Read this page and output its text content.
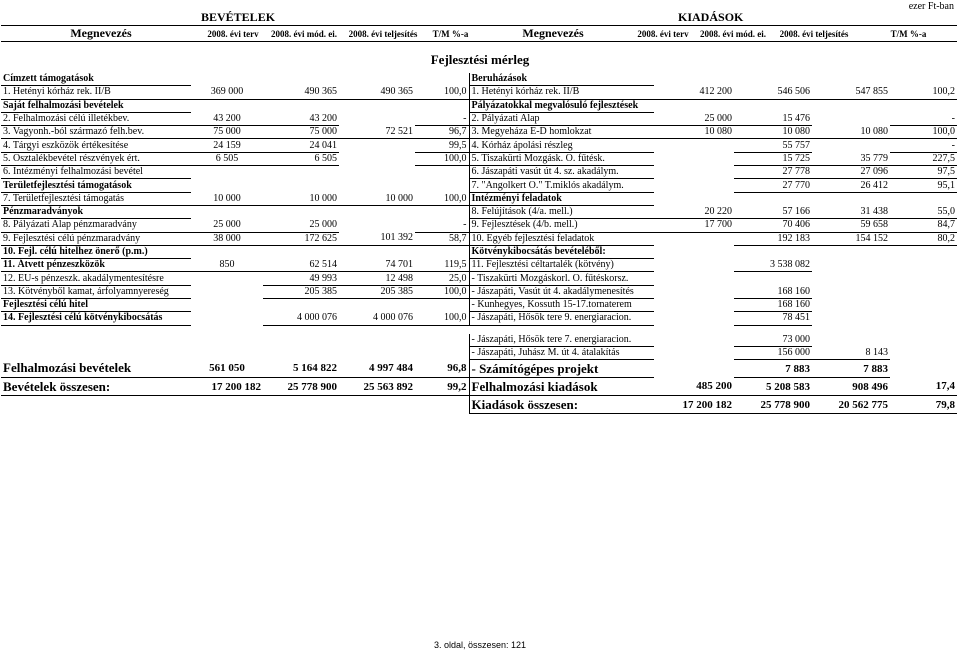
ezer Ft-ban
BEVÉTELEK					KIADÁSOK				
Megnevezés	2008. évi terv	2008. évi mód. ei.	2008. évi teljesítés	T/M %-a	Megnevezés	2008. évi terv	2008. évi mód. ei.	2008. évi teljesítés	T/M %-a
Fejlesztési mérleg
Címzett támogatások					Beruházások				
1. Hetényi kórház rek. II/B	369 000	490 365	490 365	100,0	1. Hetényi kórház rek. II/B	412 200	546 506	547 855	100,2
Saját felhalmozási bevételek					Pályázatokkal megvalósuló fejlesztések				
2. Felhalmozási célú illetékbev.	43 200	43 200		-	2. Pályázati Alap	25 000	15 476		-
3. Vagyonh.-ból származó felh.bev.	75 000	75 000	72 521	96,7	3. Megyeháza E-D homlokzat	10 080	10 080	10 080	100,0
4. Tárgyi eszközök értékesítése	24 159	24 041		99,5	4. Kórház ápolási részleg		55 757		-
5. Osztalékbevétel részvények ért.	6 505	6 505		100,0	5. Tiszakürti Mozgásk. O. fűtésk.		15 725	35 779	227,5
6. Intézményi felhalmozási bevétel					6. Jászapáti vasút út 4. sz. akadálym.		27 778	27 096	97,5
Területfejlesztési támogatások					7. "Angolkert O." T.miklós akadálym.		27 770	26 412	95,1
7. Területfejlesztési támogatás	10 000	10 000	10 000	100,0	Intézményi feladatok				
Pénzmaradványok					8. Felújítások (4/a. mell.)	20 220	57 166	31 438	55,0
8. Pályázati Alap pénzmaradvány	25 000	25 000		-	9. Fejlesztések (4/b. mell.)	17 700	70 406	59 658	84,7
9. Fejlesztési célú pénzmaradvány	38 000	172 625	101 392	58,7	10. Egyéb fejlesztési feladatok		192 183	154 152	80,2
10. Fejl. célú hitelhez önerő (p.m.)					Kötvénykibocsátás bevételéből:				
11. Átvett pénzeszközök	850	62 514	74 701	119,5	11. Fejlesztési céltartalék (kötvény)		3 538 082		
12. EU-s pénzeszk. akadálymentesítésre		49 993	12 498	25,0	- Tiszakürti Mozgáskorl. O. fűtéskorsz.				
13. Kötvényből kamat, árfolyamnyereség		205 385	205 385	100,0	- Jászapáti, Vasút út 4. akadálymenesítés		168 160		
Fejlesztési célú hitel					- Kunhegyes, Kossuth 15-17.tornaterem		168 160		
14. Fejlesztési célú kötvénykibocsátás		4 000 076	4 000 076	100,0	- Jászapáti, Hősök tere 9. energiaracion.		78 451		

					- Jászapáti, Hősök tere 7. energiaracion.		73 000		
					- Jászapáti, Juhász M. út 4. átalakítás		156 000	8 143	
Felhalmozási bevételek	561 050	5 164 822	4 997 484	96,8	- Számítógépes projekt		7 883	7 883	
Bevételek összesen:	17 200 182	25 778 900	25 563 892	99,2	Felhalmozási kiadások	485 200	5 208 583	908 496	17,4
					Kiadások összesen:	17 200 182	25 778 900	20 562 775	79,8
3. oldal, összesen: 121
